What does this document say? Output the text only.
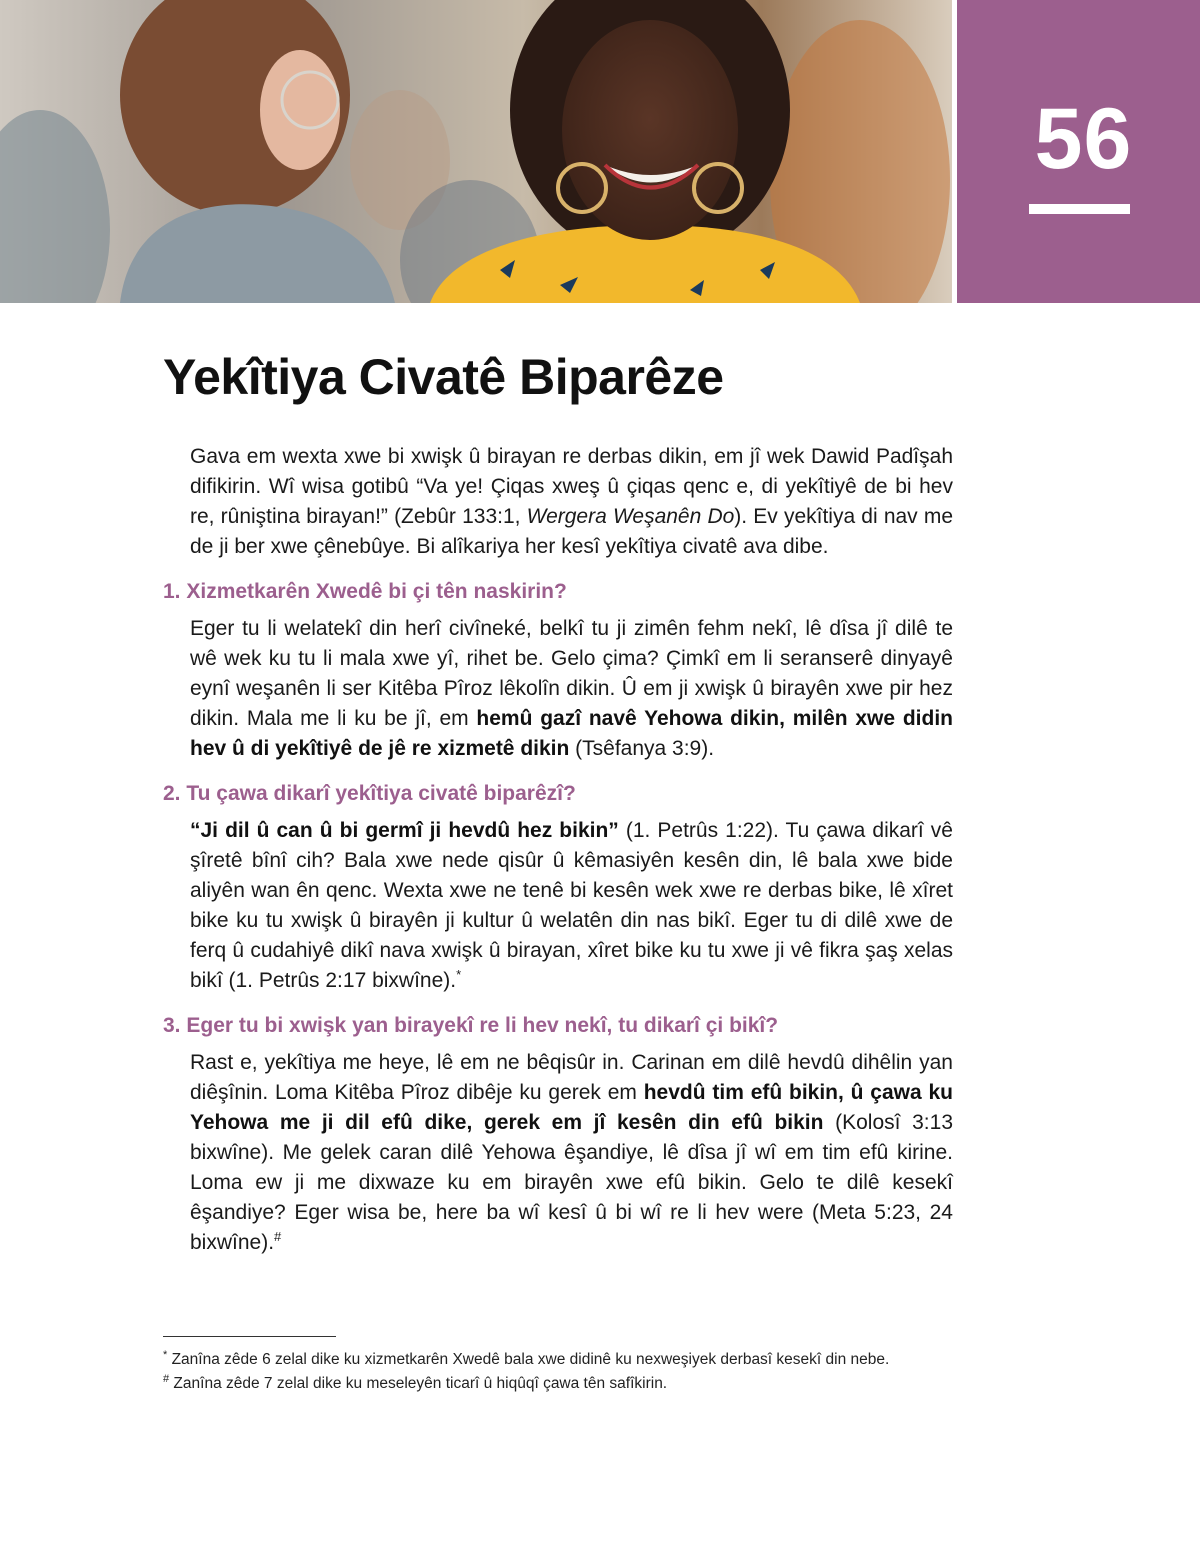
56
Yekîtiya Civatê Biparêze

Gava em wexta xwe bi xwişk û birayan re derbas dikin, em jî wek Dawid Padîşah difikirin. Wî wisa gotibû “Va ye! Çiqas xweş û çiqas qenc e, di yekîtiyê de bi hev re, rûniştina birayan!” (Zebûr 133:1, Wergera Weşanên Do). Ev yekîtiya di nav me de ji ber xwe çênebûye. Bi alîkariya her kesî yekîtiya civatê ava dibe.

1. Xizmetkarên Xwedê bi çi tên naskirin?

Eger tu li welatekî din herî civîneké, belkî tu ji zimên fehm nekî, lê dîsa jî dilê te wê wek ku tu li mala xwe yî, rihet be. Gelo çima? Çimkî em li seranserê dinyayê eynî weşanên li ser Kitêba Pîroz lêkolîn dikin. Û em ji xwişk û birayên xwe pir hez dikin. Mala me li ku be jî, em hemû gazî navê Yehowa dikin, milên xwe didin hev û di yekîtiyê de jê re xizmetê dikin (Tsêfanya 3:9).

2. Tu çawa dikarî yekîtiya civatê biparêzî?

“Ji dil û can û bi germî ji hevdû hez bikin” (1. Petrûs 1:22). Tu çawa dikarî vê şîretê bînî cih? Bala xwe nede qisûr û kêmasiyên kesên din, lê bala xwe bide aliyên wan ên qenc. Wexta xwe ne tenê bi kesên wek xwe re derbas bike, lê xîret bike ku tu xwişk û birayên ji kultur û welatên din nas bikî. Eger tu di dilê xwe de ferq û cudahiyê dikî nava xwişk û birayan, xîret bike ku tu xwe ji vê fikra şaş xelas bikî (1. Petrûs 2:17 bixwîne).*

3. Eger tu bi xwişk yan birayekî re li hev nekî, tu dikarî çi bikî?

Rast e, yekîtiya me heye, lê em ne bêqisûr in. Carinan em dilê hevdû dihêlin yan diêşînin. Loma Kitêba Pîroz dibêje ku gerek em hevdû tim efû bikin, û çawa ku Yehowa me ji dil efû dike, gerek em jî kesên din efû bikin (Kolosî 3:13 bixwîne). Me gelek caran dilê Yehowa êşandiye, lê dîsa jî wî em tim efû kirine. Loma ew ji me dixwaze ku em birayên xwe efû bikin. Gelo te dilê kesekî êşandiye? Eger wisa be, here ba wî kesî û bi wî re li hev were (Meta 5:23, 24 bixwîne).#

* Zanîna zêde 6 zelal dike ku xizmetkarên Xwedê bala xwe didinê ku nexweşiyek derbasî kesekî din nebe.

# Zanîna zêde 7 zelal dike ku meseleyên ticarî û hiqûqî çawa tên safîkirin.
